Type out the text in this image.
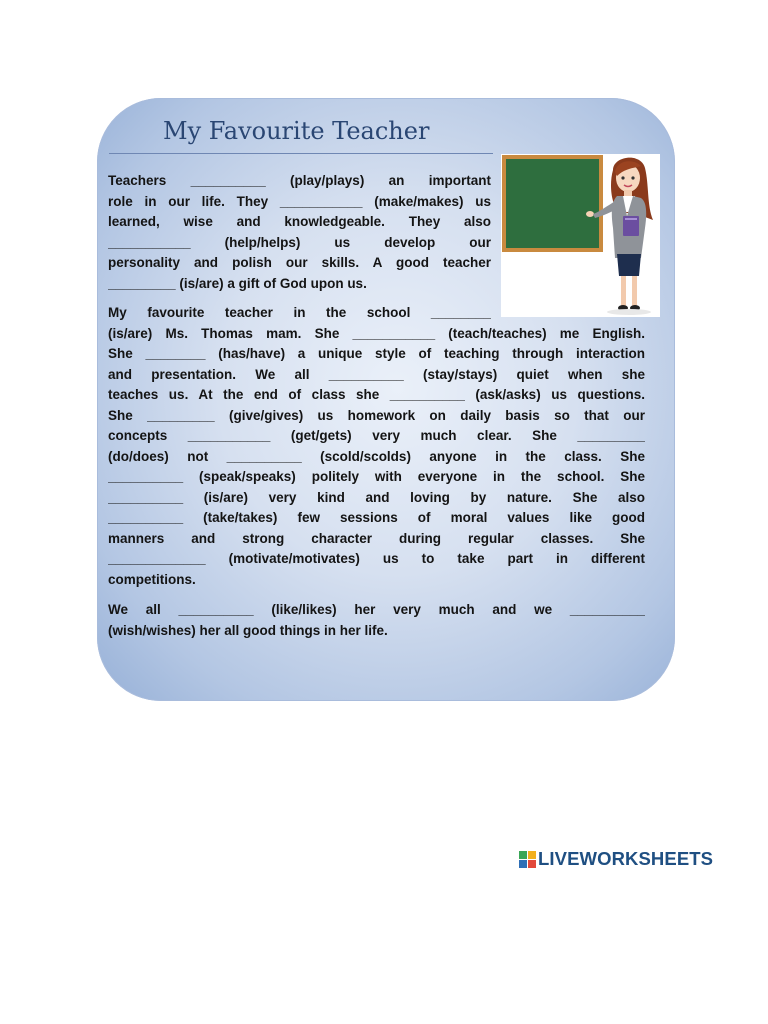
My Favourite Teacher
Teachers __________ (play/plays) an important
role in our life. They ___________ (make/makes) us
learned, wise and knowledgeable. They also
___________ (help/helps) us develop our
personality and polish our skills. A good teacher
_________ (is/are) a gift of God upon us.
My favourite teacher in the school ________
(is/are) Ms. Thomas mam. She ___________ (teach/teaches) me English.
She ________ (has/have) a unique style of teaching through interaction
and presentation. We all __________ (stay/stays) quiet when she
teaches us. At the end of class she __________ (ask/asks) us questions.
She _________ (give/gives) us homework on daily basis so that our
concepts ___________ (get/gets) very much clear. She _________
(do/does) not __________ (scold/scolds) anyone in the class. She
__________ (speak/speaks) politely with everyone in the school. She
__________ (is/are) very kind and loving by nature. She also
__________ (take/takes) few sessions of moral values like good
manners and strong character during regular classes. She
_____________ (motivate/motivates) us to take part in different
competitions.
We all __________ (like/likes) her very much and we __________
(wish/wishes) her all good things in her life.
LIVEWORKSHEETS
